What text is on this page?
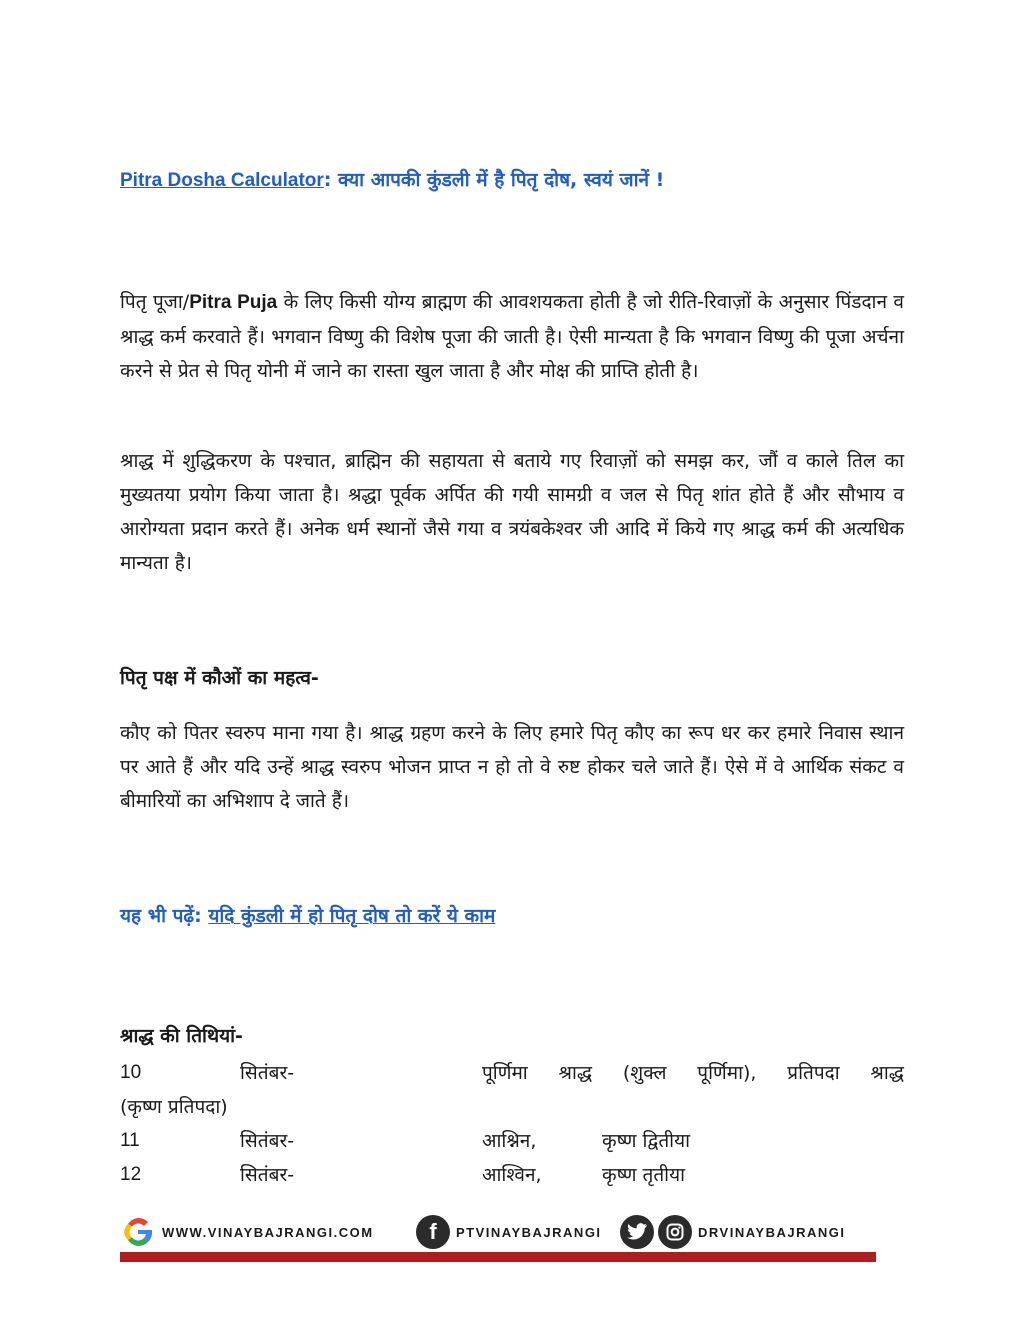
Pitra Dosha Calculator: क्या आपकी कुंडली में है पितृ दोष, स्वयं जानें !
पितृ पूजा/Pitra Puja के लिए किसी योग्य ब्राह्मण की आवशयकता होती है जो रीति-रिवाज़ों के अनुसार पिंडदान व श्राद्ध कर्म करवाते हैं। भगवान विष्णु की विशेष पूजा की जाती है। ऐसी मान्यता है कि भगवान विष्णु की पूजा अर्चना करने से प्रेत से पितृ योनी में जाने का रास्ता खुल जाता है और मोक्ष की प्राप्ति होती है।
श्राद्ध में शुद्धिकरण के पश्चात, ब्राह्मिन की सहायता से बताये गए रिवाज़ों को समझ कर, जौं व काले तिल का मुख्यतया प्रयोग किया जाता है। श्रद्धा पूर्वक अर्पित की गयी सामग्री व जल से पितृ शांत होते हैं और सौभाय व आरोग्यता प्रदान करते हैं। अनेक धर्म स्थानों जैसे गया व त्रयंबकेश्वर जी आदि में किये गए श्राद्ध कर्म की अत्यधिक मान्यता है।
पितृ पक्ष में कौओं का महत्व-
कौए को पितर स्वरुप माना गया है। श्राद्ध ग्रहण करने के लिए हमारे पितृ कौए का रूप धर कर हमारे निवास स्थान पर आते हैं और यदि उन्हें श्राद्ध स्वरुप भोजन प्राप्त न हो तो वे रुष्ट होकर चले जाते हैं। ऐसे में वे आर्थिक संकट व बीमारियों का अभिशाप दे जाते हैं।
यह भी पढ़ें: यदि कुंडली में हो पितृ दोष तो करें ये काम
श्राद्ध की तिथियां-
10	सितंबर-	पूर्णिमा श्राद्ध (शुक्ल पूर्णिमा), प्रतिपदा श्राद्ध
(कृष्ण प्रतिपदा)
11	सितंबर-	आश्निन,	कृष्ण द्वितीया
12	सितंबर-	आश्विन,	कृष्ण तृतीया
WWW.VINAYBAJRANGI.COM	f	PTVINAYBAJRANGI	DRVINAYBAJRANGI
